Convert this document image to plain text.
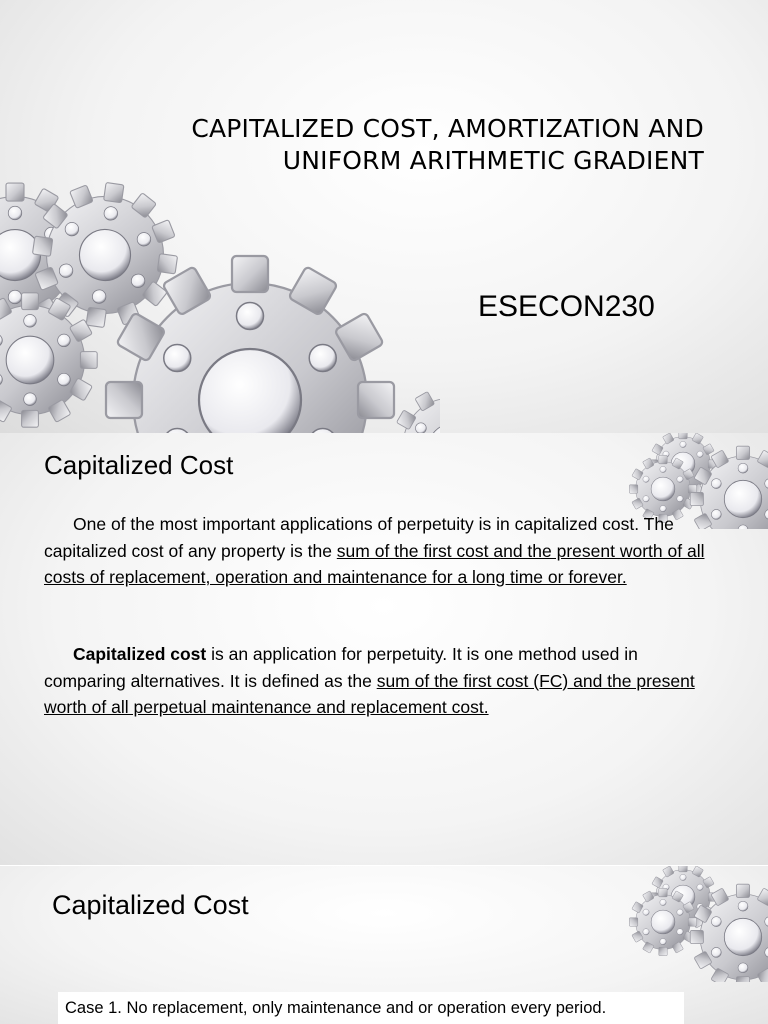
CAPITALIZED COST, AMORTIZATION AND
UNIFORM ARITHMETIC GRADIENT
ESECON230
Capitalized Cost

One of the most important applications of perpetuity is in capitalized cost. The capitalized cost of any property is the sum of the first cost and the present worth of all costs of replacement, operation and maintenance for a long time or forever.

Capitalized cost is an application for perpetuity. It is one method used in comparing alternatives. It is defined as the sum of the first cost (FC) and the present worth of all perpetual maintenance and replacement cost.

Capitalized Cost
Case 1. No replacement, only maintenance and or operation every period.
